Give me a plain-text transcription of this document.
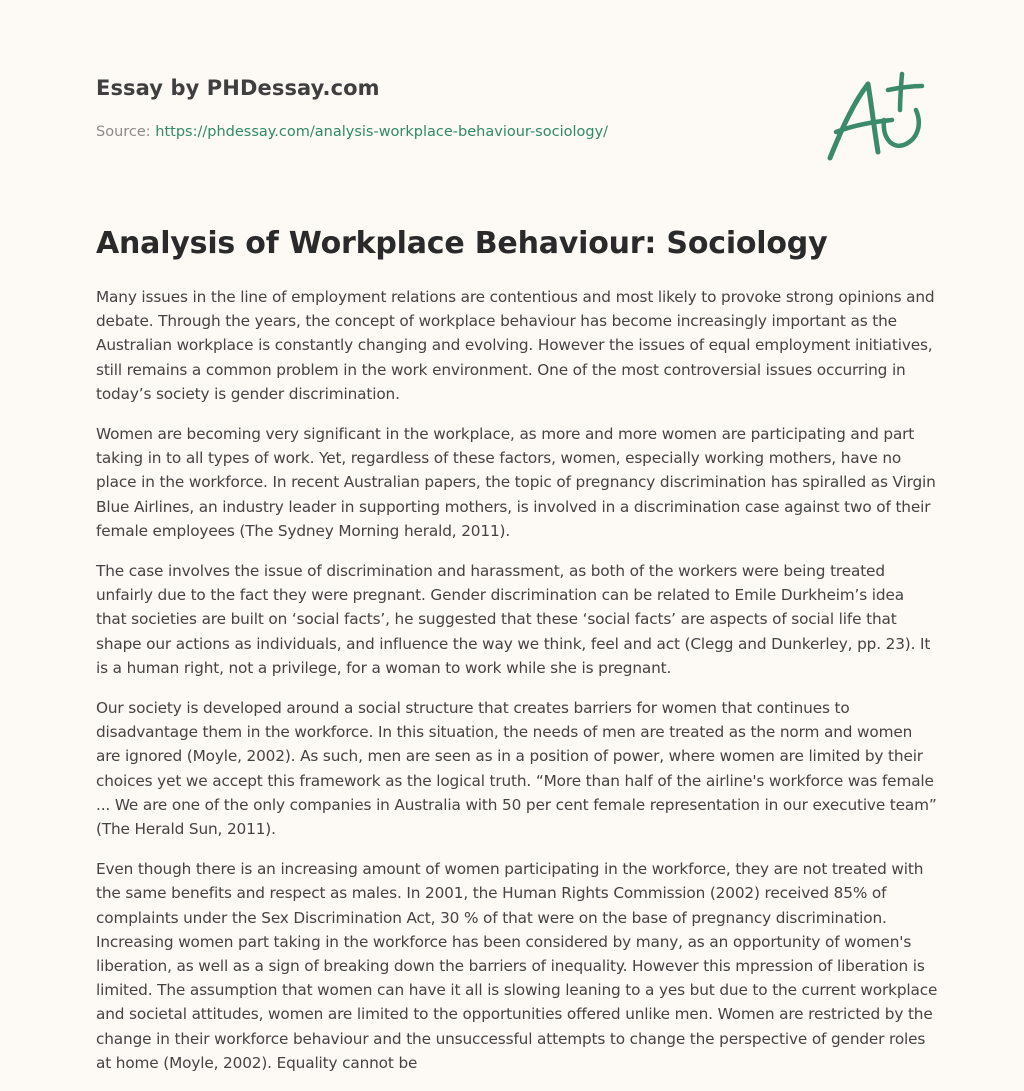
Essay by PHDessay.com

Source: https://phdessay.com/analysis-workplace-behaviour-sociology/

Analysis of Workplace Behaviour: Sociology

Many issues in the line of employment relations are contentious and most likely to provoke strong opinions and debate. Through the years, the concept of workplace behaviour has become increasingly important as the Australian workplace is constantly changing and evolving. However the issues of equal employment initiatives, still remains a common problem in the work environment. One of the most controversial issues occurring in today’s society is gender discrimination.

Women are becoming very significant in the workplace, as more and more women are participating and part taking in to all types of work. Yet, regardless of these factors, women, especially working mothers, have no place in the workforce. In recent Australian papers, the topic of pregnancy discrimination has spiralled as Virgin Blue Airlines, an industry leader in supporting mothers, is involved in a discrimination case against two of their female employees (The Sydney Morning herald, 2011).

The case involves the issue of discrimination and harassment, as both of the workers were being treated unfairly due to the fact they were pregnant. Gender discrimination can be related to Emile Durkheim’s idea that societies are built on ‘social facts’, he suggested that these ‘social facts’ are aspects of social life that shape our actions as individuals, and influence the way we think, feel and act (Clegg and Dunkerley, pp. 23). It is a human right, not a privilege, for a woman to work while she is pregnant.

Our society is developed around a social structure that creates barriers for women that continues to disadvantage them in the workforce. In this situation, the needs of men are treated as the norm and women are ignored (Moyle, 2002). As such, men are seen as in a position of power, where women are limited by their choices yet we accept this framework as the logical truth. “More than half of the airline's workforce was female ... We are one of the only companies in Australia with 50 per cent female representation in our executive team” (The Herald Sun, 2011).

Even though there is an increasing amount of women participating in the workforce, they are not treated with the same benefits and respect as males. In 2001, the Human Rights Commission (2002) received 85% of complaints under the Sex Discrimination Act, 30 % of that were on the base of pregnancy discrimination. Increasing women part taking in the workforce has been considered by many, as an opportunity of women's liberation, as well as a sign of breaking down the barriers of inequality. However this mpression of liberation is limited. The assumption that women can have it all is slowing leaning to a yes but due to the current workplace and societal attitudes, women are limited to the opportunities offered unlike men. Women are restricted by the change in their workforce behaviour and the unsuccessful attempts to change the perspective of gender roles at home (Moyle, 2002). Equality cannot be
